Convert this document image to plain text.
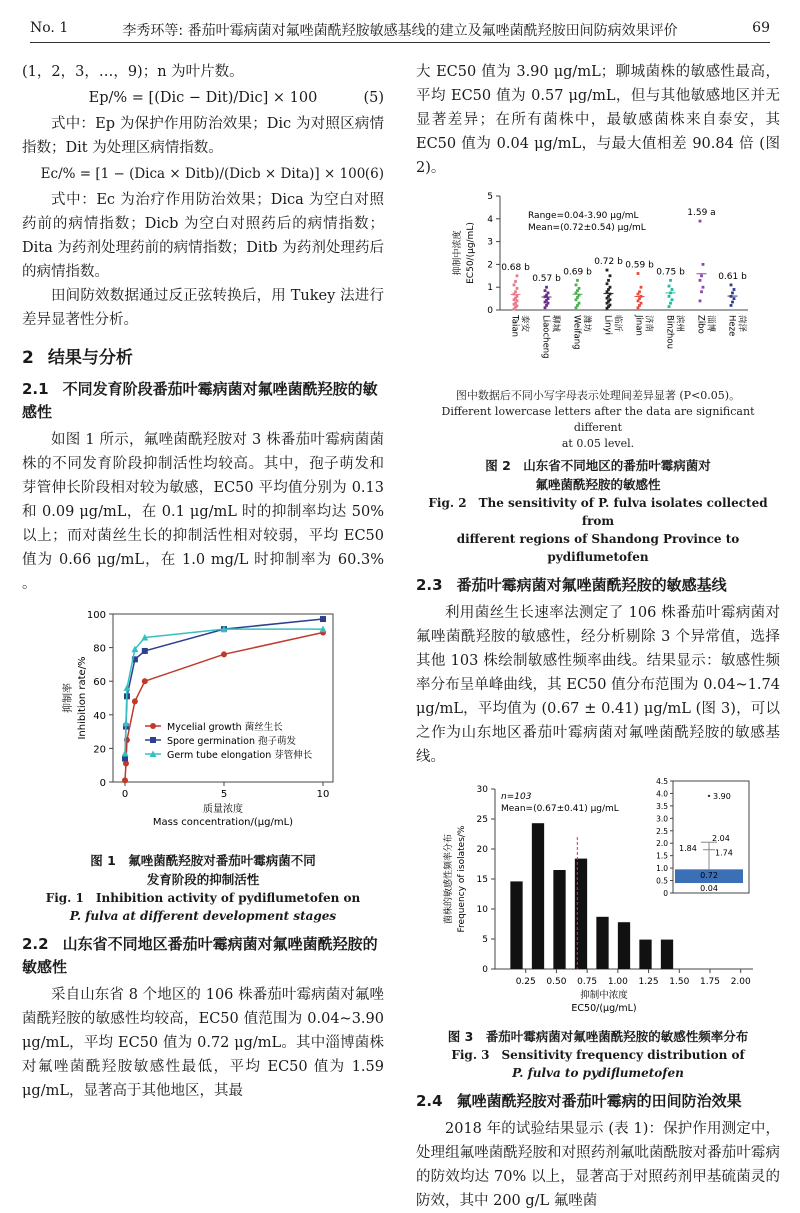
No. 1	李秀环等: 番茄叶霉病菌对氟唑菌酰羟胺敏感基线的建立及氟唑菌酰羟胺田间防病效果评价	69

(1，2，3，…，9)；n 为叶片数。

Ep/% = [(Dic − Dit)/Dic] × 100	(5)

式中：Ep 为保护作用防治效果；Dic 为对照区病情指数；Dit 为处理区病情指数。

Ec/% = [1 − (Dica × Ditb)/(Dicb × Dita)] × 100 (6)

式中：Ec 为治疗作用防治效果；Dica 为空白对照药前的病情指数；Dicb 为空白对照药后的病情指数；Dita 为药剂处理药前的病情指数；Ditb 为药剂处理药后的病情指数。

田间防效数据通过反正弦转换后，用 Tukey 法进行差异显著性分析。

2 结果与分析
2.1 不同发育阶段番茄叶霉病菌对氟唑菌酰羟胺的敏感性

如图 1 所示，氟唑菌酰羟胺对 3 株番茄叶霉病菌菌株的不同发育阶段抑制活性均较高。其中，孢子萌发和芽管伸长阶段相对较为敏感，EC50 平均值分别为 0.13 和 0.09 μg/mL，在 0.1 μg/mL 时的抑制率均达 50% 以上；而对菌丝生长的抑制活性相对较弱，平均 EC50 值为 0.66 μg/mL，在 1.0 mg/L 时抑制率为 60.3% 。

0
20
40
60
80
100
0	5	10
抑制率 Inhibition rate/%
质量浓度
Mass concentration/(μg/mL)
Mycelial growth 菌丝生长
Spore germination 孢子萌发
Germ tube elongation 芽管伸长
图 1　氟唑菌酰羟胺对番茄叶霉病菌不同
发育阶段的抑制活性
Fig. 1　Inhibition activity of pydiflumetofen on
P. fulva at different development stages
2.2 山东省不同地区番茄叶霉病菌对氟唑菌酰羟胺的敏感性

采自山东省 8 个地区的 106 株番茄叶霉病菌对氟唑菌酰羟胺的敏感性均较高，EC50 值范围为 0.04~3.90 μg/mL，平均 EC50 值为 0.72 μg/mL。其中淄博菌株对氟唑菌酰羟胺敏感性最低，平均 EC50 值为 1.59 μg/mL，显著高于其他地区，其最

大 EC50 值为 3.90 μg/mL；聊城菌株的敏感性最高，平均 EC50 值为 0.57 μg/mL，但与其他敏感地区并无显著差异；在所有菌株中，最敏感菌株来自泰安，其 EC50 值为 0.04 μg/mL，与最大值相差 90.84 倍 (图 2)。

0
1
2
3
4
5
抑制中浓度 EC50/(μg/mL)
Range=0.04-3.90 μg/mL
Mean=(0.72±0.54) μg/mL
0.68 b
Taian 泰安
0.57 b
Liaocheng 聊城
0.69 b
Weifang 潍坊
0.72 b
Linyi 临沂
0.59 b
Jinan 济南
0.75 b
Binzhou 滨州
1.59 a
Zibo 淄博
0.61 b
Heze 菏泽
图中数据后不同小写字母表示处理间差异显著 (P<0.05)。
Different lowercase letters after the data are significant different
at 0.05 level.
图 2　山东省不同地区的番茄叶霉病菌对
氟唑菌酰羟胺的敏感性
Fig. 2　The sensitivity of P. fulva isolates collected from
different regions of Shandong Province to pydiflumetofen
2.3 番茄叶霉病菌对氟唑菌酰羟胺的敏感基线

利用菌丝生长速率法测定了 106 株番茄叶霉病菌对氟唑菌酰羟胺的敏感性，经分析剔除 3 个异常值，选择其他 103 株绘制敏感性频率曲线。结果显示：敏感性频率分布呈单峰曲线，其 EC50 值分布范围为 0.04~1.74 μg/mL，平均值为 (0.67 ± 0.41) μg/mL (图 3)，可以之作为山东地区番茄叶霉病菌对氟唑菌酰羟胺的敏感基线。

0
5
10
15
20
25
30
0.25 0.50 0.75 1.00 1.25 1.50 1.75 2.00
菌株的敏感性频率分布 Frequency of isolates/%
抑制中浓度
EC50/(μg/mL)
n=103
Mean=(0.67±0.41) μg/mL
0
0.5
1.0
1.5
2.0
2.5
3.0
3.5
4.0
4.5
3.90
2.04
1.84 1.74
0.72
0.04
图 3　番茄叶霉病菌对氟唑菌酰羟胺的敏感性频率分布
Fig. 3　Sensitivity frequency distribution of
P. fulva to pydiflumetofen
2.4 氟唑菌酰羟胺对番茄叶霉病的田间防治效果

2018 年的试验结果显示 (表 1)：保护作用测定中，处理组氟唑菌酰羟胺和对照药剂氟吡菌酰胺对番茄叶霉病的防效均达 70% 以上，显著高于对照药剂甲基硫菌灵的防效，其中 200 g/L 氟唑菌
